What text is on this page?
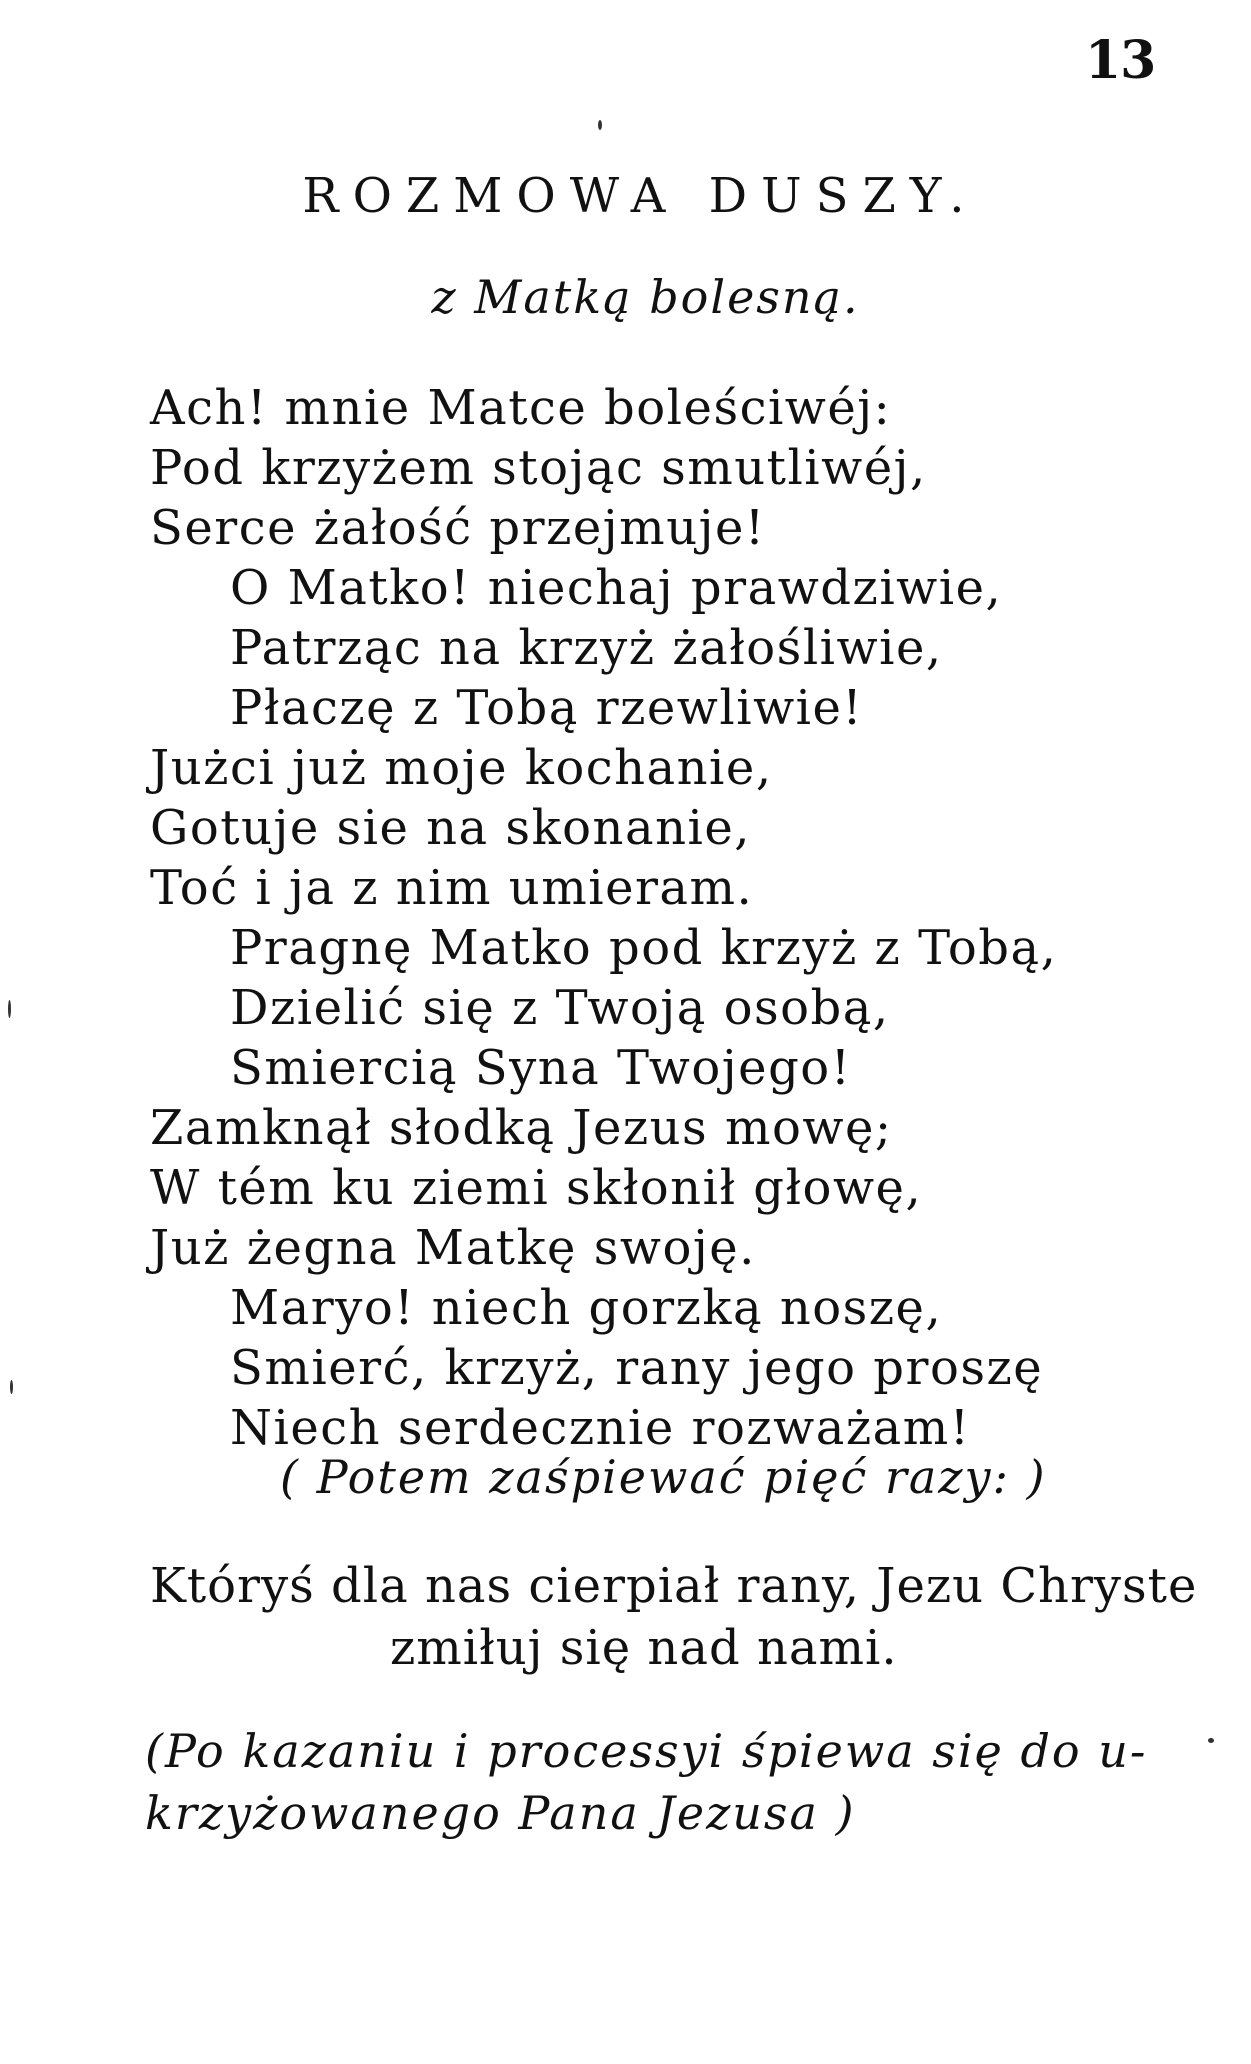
13
ROZMOWA DUSZY.
z Matką bolesną.
Ach! mnie Matce boleściwéj:
Pod krzyżem stojąc smutliwéj,
Serce żałość przejmuje!
O Matko! niechaj prawdziwie,
Patrząc na krzyż żałośliwie,
Płaczę z Tobą rzewliwie!
Jużci już moje kochanie,
Gotuje sie na skonanie,
Toć i ja z nim umieram.
Pragnę Matko pod krzyż z Tobą,
Dzielić się z Twoją osobą,
Smiercią Syna Twojego!
Zamknął słodką Jezus mowę;
W tém ku ziemi skłonił głowę,
Już żegna Matkę swoję.
Maryo! niech gorzką noszę,
Smierć, krzyż, rany jego proszę
Niech serdecznie rozważam!
( Potem zaśpiewać pięć razy: )
Któryś dla nas cierpiał rany, Jezu Chryste
zmiłuj się nad nami.
(Po kazaniu i processyi śpiewa się do u-
krzyżowanego Pana Jezusa )
